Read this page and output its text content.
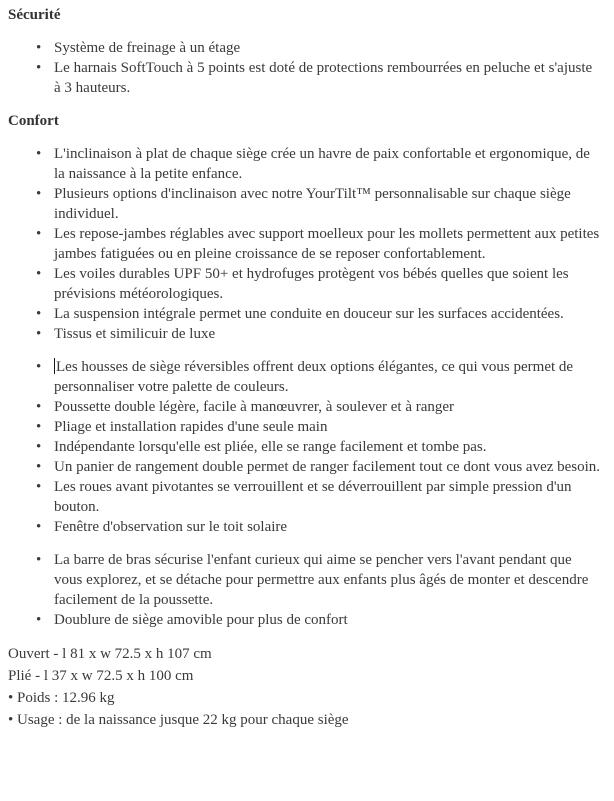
Sécurité
• Système de freinage à un étage
• Le harnais SoftTouch à 5 points est doté de protections rembourrées en peluche et s'ajuste à 3 hauteurs.
Confort
• L'inclinaison à plat de chaque siège crée un havre de paix confortable et ergonomique, de la naissance à la petite enfance.
• Plusieurs options d'inclinaison avec notre YourTilt™ personnalisable sur chaque siège individuel.
• Les repose-jambes réglables avec support moelleux pour les mollets permettent aux petites jambes fatiguées ou en pleine croissance de se reposer confortablement.
• Les voiles durables UPF 50+ et hydrofuges protègent vos bébés quelles que soient les prévisions météorologiques.
• La suspension intégrale permet une conduite en douceur sur les surfaces accidentées.
• Tissus et similicuir de luxe
• Les housses de siège réversibles offrent deux options élégantes, ce qui vous permet de personnaliser votre palette de couleurs.
• Poussette double légère, facile à manœuvrer, à soulever et à ranger
• Pliage et installation rapides d'une seule main
• Indépendante lorsqu'elle est pliée, elle se range facilement et tombe pas.
• Un panier de rangement double permet de ranger facilement tout ce dont vous avez besoin.
• Les roues avant pivotantes se verrouillent et se déverrouillent par simple pression d'un bouton.
• Fenêtre d'observation sur le toit solaire
• La barre de bras sécurise l'enfant curieux qui aime se pencher vers l'avant pendant que vous explorez, et se détache pour permettre aux enfants plus âgés de monter et descendre facilement de la poussette.
• Doublure de siège amovible pour plus de confort

Ouvert - l 81 x w 72.5 x h 107 cm

Plié - l 37 x w 72.5 x h 100 cm

• Poids : 12.96 kg

• Usage : de la naissance jusque 22 kg pour chaque siège
